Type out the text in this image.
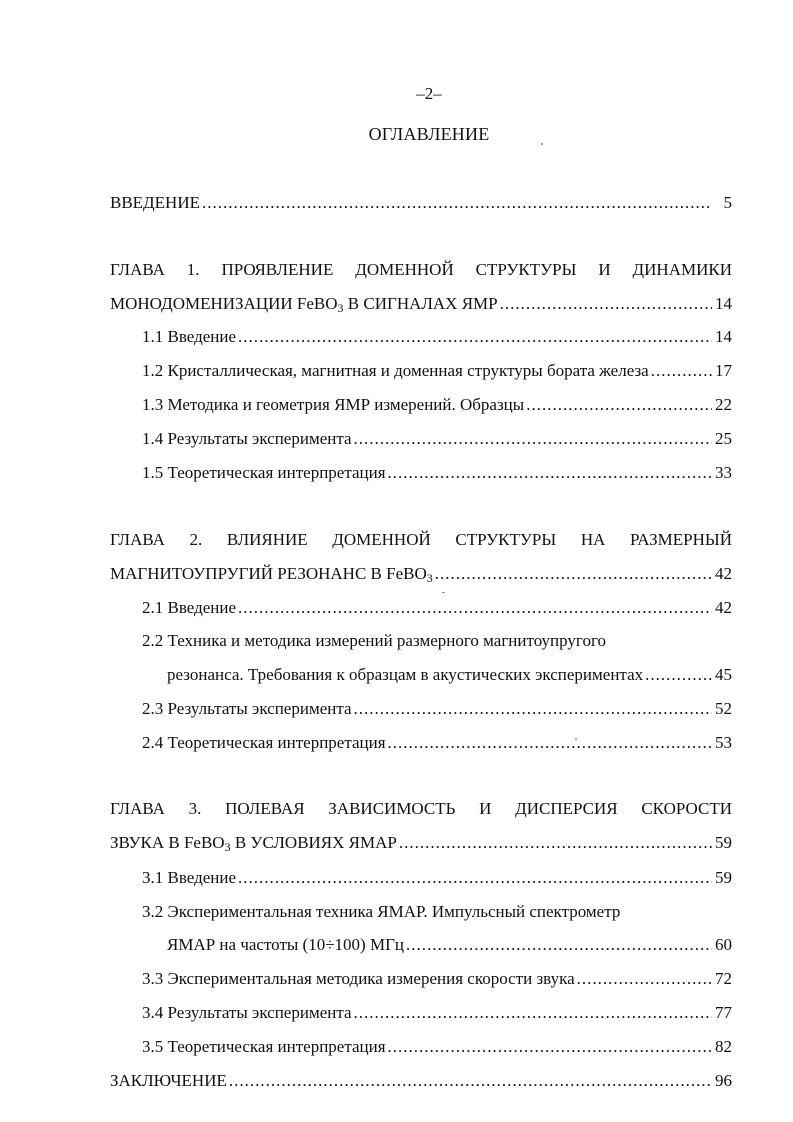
–2–
ОГЛАВЛЕНИЕ
ВВЕДЕНИЕ .....	5
ГЛАВА 1. ПРОЯВЛЕНИЕ ДОМЕННОЙ СТРУКТУРЫ И ДИНАМИКИ
МОНОДОМЕНИЗАЦИИ FeBO3 В СИГНАЛАХ ЯМР .....	14
1.1 Введение .....	14
1.2 Кристаллическая, магнитная и доменная структуры бората железа .....	17
1.3 Методика и геометрия ЯМР измерений. Образцы .....	22
1.4 Результаты эксперимента .....	25
1.5 Теоретическая интерпретация .....	33
ГЛАВА 2. ВЛИЯНИЕ ДОМЕННОЙ СТРУКТУРЫ НА РАЗМЕРНЫЙ
МАГНИТОУПРУГИЙ РЕЗОНАНС В FeBO3 .....	42
2.1 Введение .....	42
2.2 Техника и методика измерений размерного магнитоупругого
резонанса. Требования к образцам в акустических экспериментах .....	45
2.3 Результаты эксперимента .....	52
2.4 Теоретическая интерпретация .....	53
ГЛАВА 3. ПОЛЕВАЯ ЗАВИСИМОСТЬ И ДИСПЕРСИЯ СКОРОСТИ
ЗВУКА В FeBO3 В УСЛОВИЯХ ЯМАР .....	59
3.1 Введение .....	59
3.2 Экспериментальная техника ЯМАР. Импульсный спектрометр
ЯМАР на частоты (10÷100) МГц .....	60
3.3 Экспериментальная методика измерения скорости звука .....	72
3.4 Результаты эксперимента .....	77
3.5 Теоретическая интерпретация .....	82
ЗАКЛЮЧЕНИЕ .....	96
